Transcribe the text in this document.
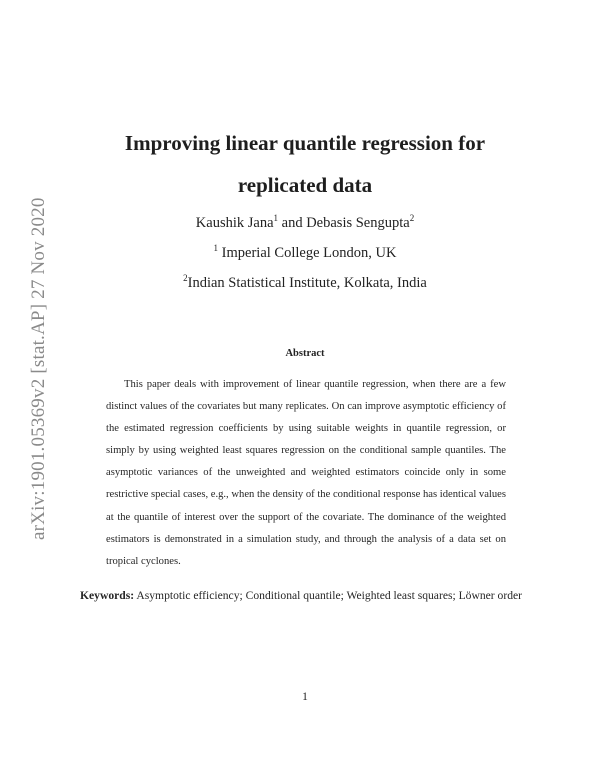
arXiv:1901.05369v2 [stat.AP] 27 Nov 2020
Improving linear quantile regression for
replicated data
Kaushik Jana$^1$ and Debasis Sengupta$^2$
$^1$ Imperial College London, UK
$^2$Indian Statistical Institute, Kolkata, India
Abstract
This paper deals with improvement of linear quantile regression, when there are a few distinct values of the covariates but many replicates. On can improve asymptotic efficiency of the estimated regression coefficients by using suitable weights in quantile regression, or simply by using weighted least squares regression on the conditional sample quantiles. The asymptotic variances of the unweighted and weighted estimators coincide only in some restrictive special cases, e.g., when the density of the conditional response has identical values at the quantile of interest over the support of the covariate. The dominance of the weighted estimators is demonstrated in a simulation study, and through the analysis of a data set on tropical cyclones.
Keywords: Asymptotic efficiency; Conditional quantile; Weighted least squares; Löwner order
1
